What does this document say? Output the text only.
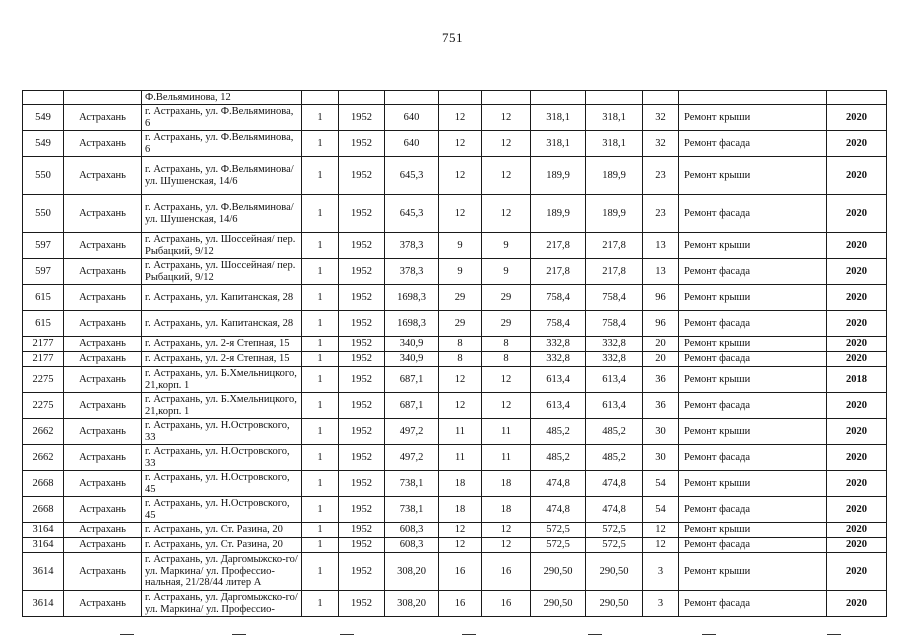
751
		Ф.Вельяминова, 12										
549	Астрахань	г. Астрахань, ул. Ф.Вельяминова, 6	1	1952	640	12	12	318,1	318,1	32	Ремонт крыши	2020
549	Астрахань	г. Астрахань, ул. Ф.Вельяминова, 6	1	1952	640	12	12	318,1	318,1	32	Ремонт фасада	2020
550	Астрахань	г. Астрахань, ул. Ф.Вельяминова/ул. Шушенская, 14/6	1	1952	645,3	12	12	189,9	189,9	23	Ремонт крыши	2020
550	Астрахань	г. Астрахань, ул. Ф.Вельяминова/ул. Шушенская, 14/6	1	1952	645,3	12	12	189,9	189,9	23	Ремонт фасада	2020
597	Астрахань	г. Астрахань, ул. Шоссейная/ пер. Рыбацкий, 9/12	1	1952	378,3	9	9	217,8	217,8	13	Ремонт крыши	2020
597	Астрахань	г. Астрахань, ул. Шоссейная/ пер. Рыбацкий, 9/12	1	1952	378,3	9	9	217,8	217,8	13	Ремонт фасада	2020
615	Астрахань	г. Астрахань, ул. Капитанская, 28	1	1952	1698,3	29	29	758,4	758,4	96	Ремонт крыши	2020
615	Астрахань	г. Астрахань, ул. Капитанская, 28	1	1952	1698,3	29	29	758,4	758,4	96	Ремонт фасада	2020
2177	Астрахань	г. Астрахань, ул. 2-я Степная, 15	1	1952	340,9	8	8	332,8	332,8	20	Ремонт крыши	2020
2177	Астрахань	г. Астрахань, ул. 2-я Степная, 15	1	1952	340,9	8	8	332,8	332,8	20	Ремонт фасада	2020
2275	Астрахань	г. Астрахань, ул. Б.Хмельницкого, 21,корп. 1	1	1952	687,1	12	12	613,4	613,4	36	Ремонт крыши	2018
2275	Астрахань	г. Астрахань, ул. Б.Хмельницкого, 21,корп. 1	1	1952	687,1	12	12	613,4	613,4	36	Ремонт фасада	2020
2662	Астрахань	г. Астрахань, ул. Н.Островского, 33	1	1952	497,2	11	11	485,2	485,2	30	Ремонт крыши	2020
2662	Астрахань	г. Астрахань, ул. Н.Островского, 33	1	1952	497,2	11	11	485,2	485,2	30	Ремонт фасада	2020
2668	Астрахань	г. Астрахань, ул. Н.Островского, 45	1	1952	738,1	18	18	474,8	474,8	54	Ремонт крыши	2020
2668	Астрахань	г. Астрахань, ул. Н.Островского, 45	1	1952	738,1	18	18	474,8	474,8	54	Ремонт фасада	2020
3164	Астрахань	г. Астрахань, ул. Ст. Разина, 20	1	1952	608,3	12	12	572,5	572,5	12	Ремонт крыши	2020
3164	Астрахань	г. Астрахань, ул. Ст. Разина, 20	1	1952	608,3	12	12	572,5	572,5	12	Ремонт фасада	2020
3614	Астрахань	г. Астрахань, ул. Даргомыжско-го/ул. Маркина/ ул. Профессио-нальная, 21/28/44 литер А	1	1952	308,20	16	16	290,50	290,50	3	Ремонт крыши	2020
3614	Астрахань	г. Астрахань, ул. Даргомыжско-го/ул. Маркина/ ул. Профессио-	1	1952	308,20	16	16	290,50	290,50	3	Ремонт фасада	2020
